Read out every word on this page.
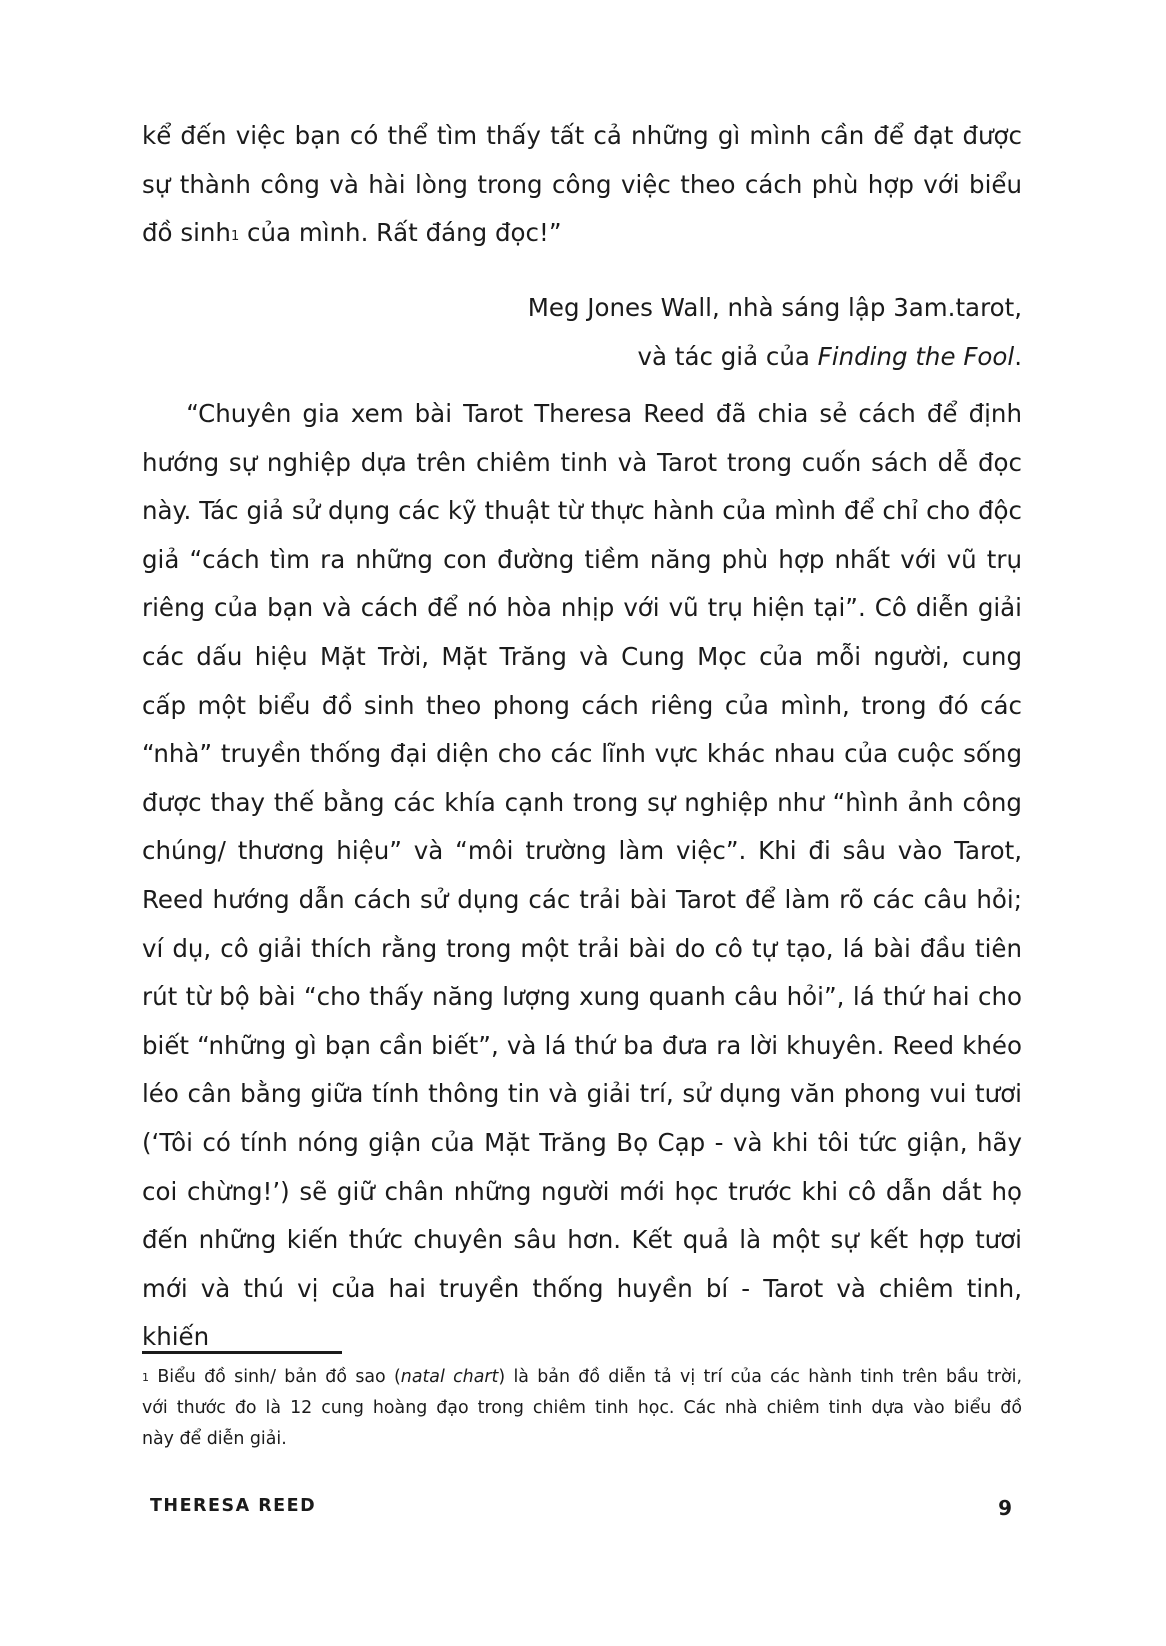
kể đến việc bạn có thể tìm thấy tất cả những gì mình cần để đạt được
sự thành công và hài lòng trong công việc theo cách phù hợp với biểu
đồ sinh$^1$ của mình. Rất đáng đọc!”
Meg Jones Wall, nhà sáng lập 3am.tarot,
và tác giả của Finding the Fool.
“Chuyên gia xem bài Tarot Theresa Reed đã chia sẻ cách để định
hướng sự nghiệp dựa trên chiêm tinh và Tarot trong cuốn sách dễ đọc
này. Tác giả sử dụng các kỹ thuật từ thực hành của mình để chỉ cho độc
giả “cách tìm ra những con đường tiềm năng phù hợp nhất với vũ trụ
riêng của bạn và cách để nó hòa nhịp với vũ trụ hiện tại”. Cô diễn giải
các dấu hiệu Mặt Trời, Mặt Trăng và Cung Mọc của mỗi người, cung
cấp một biểu đồ sinh theo phong cách riêng của mình, trong đó các
“nhà” truyền thống đại diện cho các lĩnh vực khác nhau của cuộc sống
được thay thế bằng các khía cạnh trong sự nghiệp như “hình ảnh công
chúng/ thương hiệu” và “môi trường làm việc”. Khi đi sâu vào Tarot,
Reed hướng dẫn cách sử dụng các trải bài Tarot để làm rõ các câu hỏi;
ví dụ, cô giải thích rằng trong một trải bài do cô tự tạo, lá bài đầu tiên
rút từ bộ bài “cho thấy năng lượng xung quanh câu hỏi”, lá thứ hai cho
biết “những gì bạn cần biết”, và lá thứ ba đưa ra lời khuyên. Reed khéo
léo cân bằng giữa tính thông tin và giải trí, sử dụng văn phong vui tươi
(‘Tôi có tính nóng giận của Mặt Trăng Bọ Cạp - và khi tôi tức giận, hãy
coi chừng!’) sẽ giữ chân những người mới học trước khi cô dẫn dắt họ
đến những kiến thức chuyên sâu hơn. Kết quả là một sự kết hợp tươi
mới và thú vị của hai truyền thống huyền bí - Tarot và chiêm tinh, khiến
$^1$ Biểu đồ sinh/ bản đồ sao (natal chart) là bản đồ diễn tả vị trí của các hành tinh trên bầu trời,
với thước đo là 12 cung hoàng đạo trong chiêm tinh học. Các nhà chiêm tinh dựa vào biểu đồ
này để diễn giải.
THERESA REED	9
